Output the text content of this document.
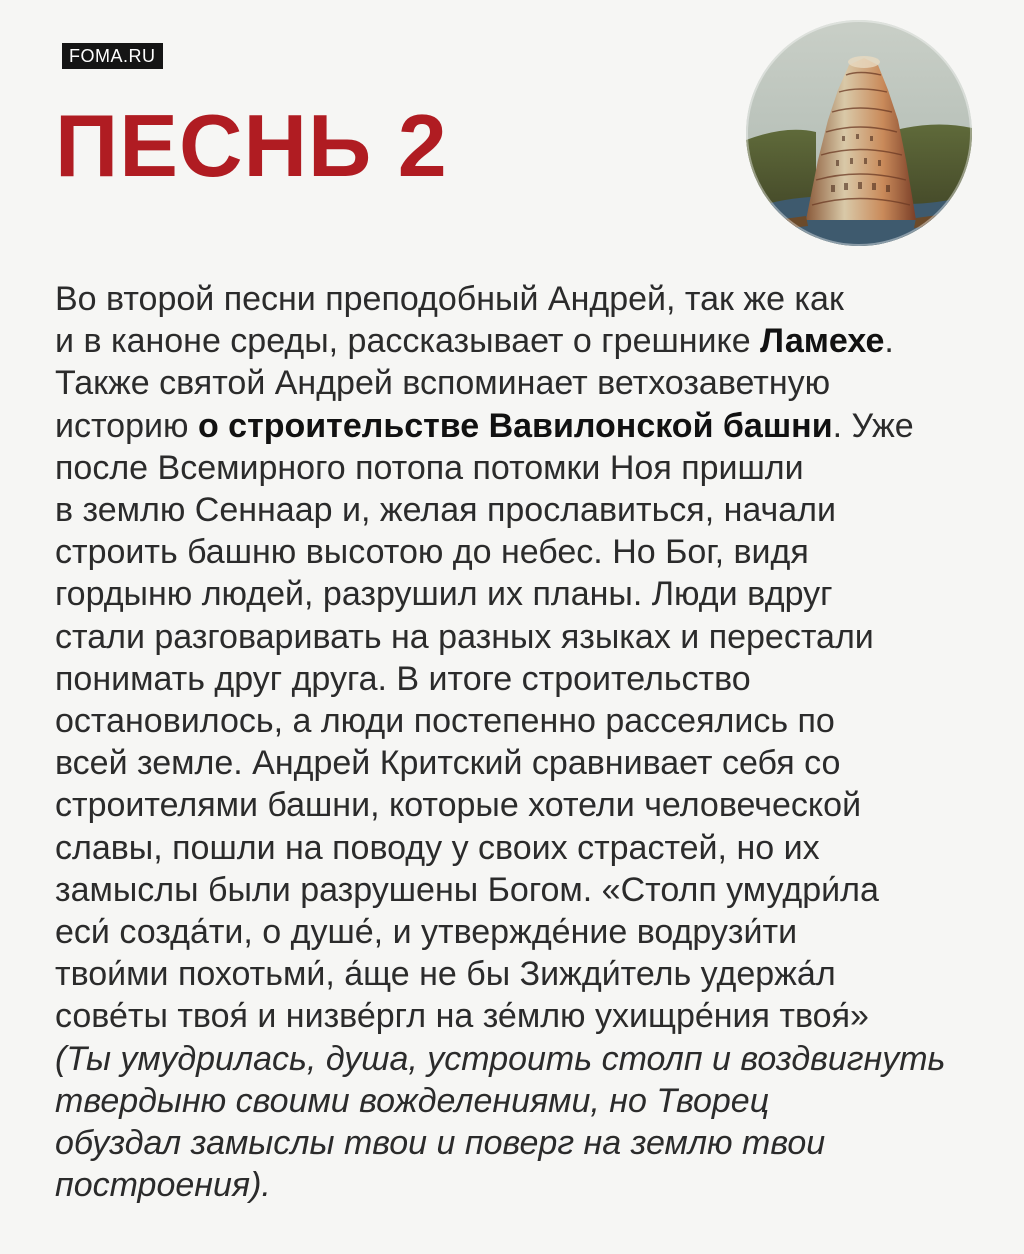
FOMA.RU
ПЕСНЬ 2
Во второй песни преподобный Андрей, так же как
и в каноне среды, рассказывает о грешнике Ламехе.
Также святой Андрей вспоминает ветхозаветную
историю о строительстве Вавилонской башни. Уже
после Всемирного потопа потомки Ноя пришли
в землю Сеннаар и, желая прославиться, начали
строить башню высотою до небес. Но Бог, видя
гордыню людей, разрушил их планы. Люди вдруг
стали разговаривать на разных языках и перестали
понимать друг друга. В итоге строительство
остановилось, а люди постепенно рассеялись по
всей земле. Андрей Критский сравнивает себя со
строителями башни, которые хотели человеческой
славы, пошли на поводу у своих страстей, но их
замыслы были разрушены Богом. «Столп умудри́ла
еси́ созда́ти, о душе́, и утвержде́ние водрузи́ти
твои́ми похотьми́, а́ще не бы Зижди́тель удержа́л
сове́ты твоя́ и низве́ргл на зе́млю ухищре́ния твоя́»
(Ты умудрилась, душа, устроить столп и воздвигнуть
твердыню своими вожделениями, но Творец
обуздал замыслы твои и поверг на землю твои
построения).
